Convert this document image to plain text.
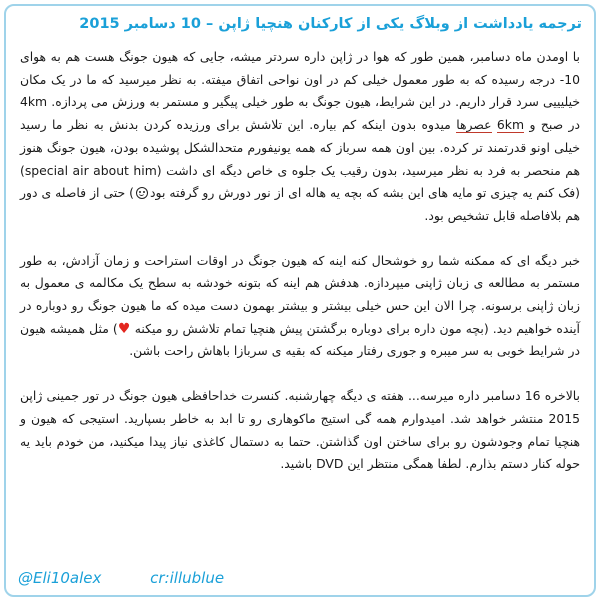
ترجمه یادداشت از وبلاگ یکی از کارکنان هنچیا ژاپن – 10 دسامبر 2015

با اومدن ماه دسامبر، همین طور که هوا در ژاپن داره سردتر میشه، جایی که هیون جونگ هست هم به هوای 10- درجه رسیده که به طور معمول خیلی کم در اون نواحی اتفاق میفته. به نظر میرسید که ما در یک مکان خیلیییی سرد قرار داریم. در این شرایط، هیون جونگ به طور خیلی پیگیر و مستمر به ورزش می پردازه. 4km در صبح و 6km عصرها میدوه بدون اینکه کم بیاره. این تلاشش برای ورزیده کردن بدنش به نظر ما رسید خیلی اونو قدرتمند تر کرده. بین اون همه سرباز که همه یونیفورم متحدالشکل پوشیده بودن، هیون جونگ هنوز هم منحصر به فرد به نظر میرسید، بدون رقیب یک جلوه ی خاص دیگه ای داشت (special air about him) (فک کنم یه چیزی تو مایه های این بشه که بچه یه هاله ای از نور دورش رو گرفته بود) حتی از فاصله ی دور هم بلافاصله قابل تشخیص بود.

خبر دیگه ای که ممکنه شما رو خوشحال کنه اینه که هیون جونگ در اوقات استراحت و زمان آزادش، به طور مستمر به مطالعه ی زبان ژاپنی میپردازه. هدفش هم اینه که بتونه خودشه به سطح یک مکالمه ی معمول به زبان ژاپنی برسونه. چرا الان این حس خیلی بیشتر و بیشتر بهمون دست میده که ما هیون جونگ رو دوباره در آینده خواهیم دید. (بچه مون داره برای دوباره برگشتن پیش هنچیا تمام تلاشش رو میکنه ♥) مثل همیشه هیون در شرایط خوبی به سر میبره و جوری رفتار میکنه که بقیه ی سربازا باهاش راحت باشن.

بالاخره 16 دسامبر داره میرسه... هفته ی دیگه چهارشنبه. کنسرت خداحافظی هیون جونگ در تور جمینی ژاپن 2015 منتشر خواهد شد. امیدوارم همه گی استیج ماکوهاری رو تا ابد به خاطر بسپارید. استیجی که هیون و هنچیا تمام وجودشون رو برای ساختن اون گذاشتن. حتما به دستمال کاغذی نیاز پیدا میکنید، من خودم باید یه حوله کنار دستم بذارم. لطفا همگی منتظر این DVD باشید.

@Eli10alex	cr:illublue
